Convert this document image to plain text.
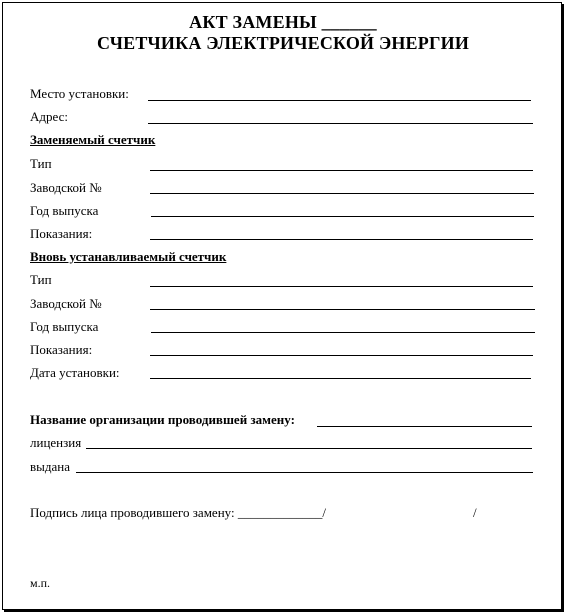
АКТ ЗАМЕНЫ ______
СЧЕТЧИКА ЭЛЕКТРИЧЕСКОЙ ЭНЕРГИИ
Место установки:
Адрес:
Заменяемый счетчик
Тип
Заводской №
Год выпуска
Показания:
Вновь устанавливаемый счетчик
Тип
Заводской №
Год выпуска
Показания:
Дата установки:
Название организации проводившей замену:
лицензия
выдана
Подпись лица проводившего замену: _____________/	/
м.п.
